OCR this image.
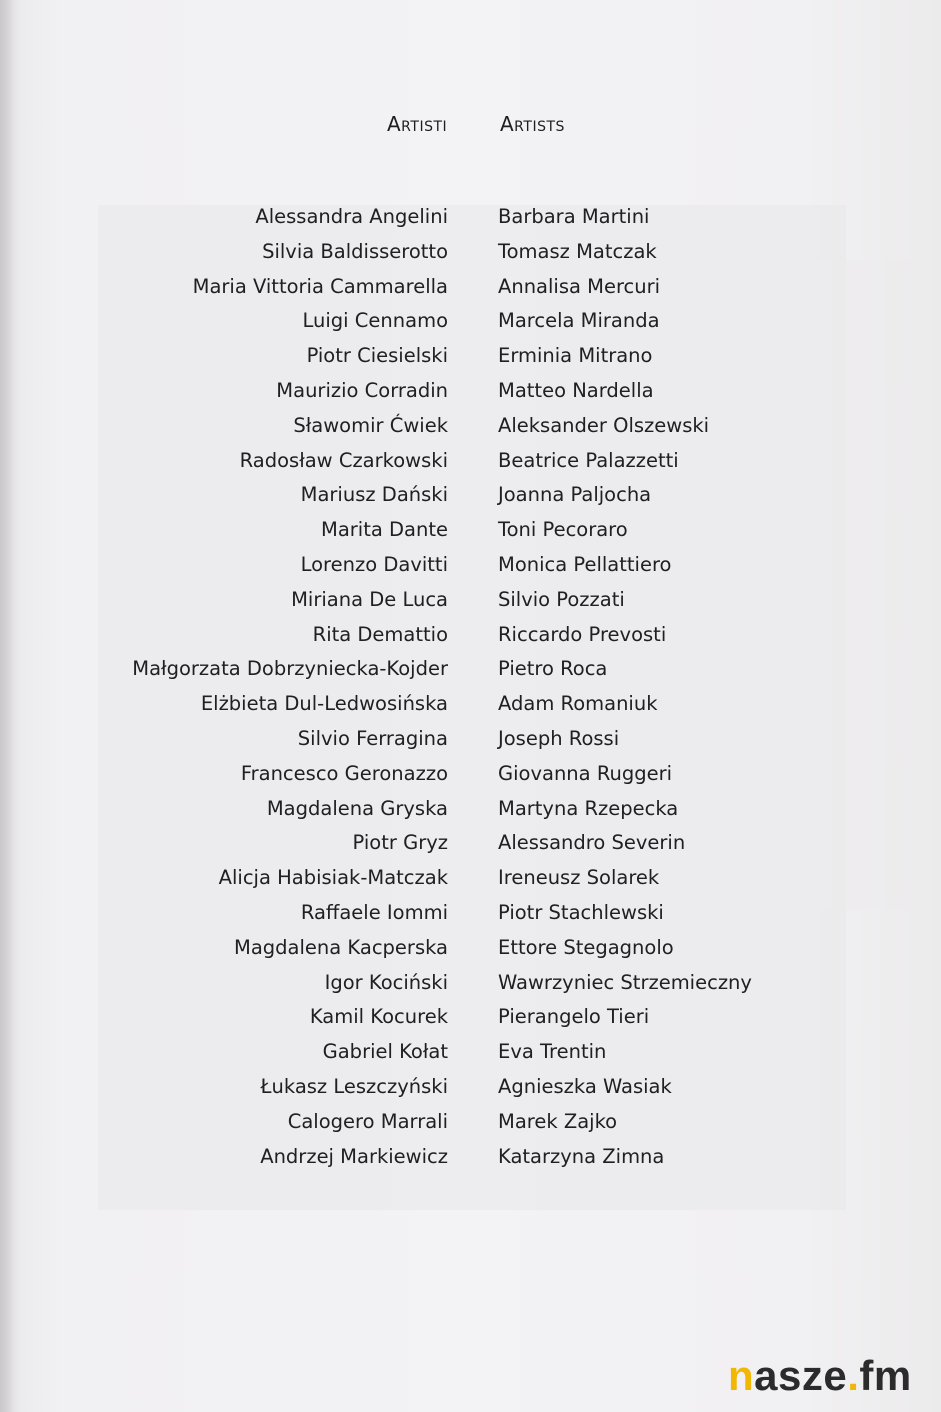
Artisti	Artists
Alessandra Angelini
Silvia Baldisserotto
Maria Vittoria Cammarella
Luigi Cennamo
Piotr Ciesielski
Maurizio Corradin
Sławomir Ćwiek
Radosław Czarkowski
Mariusz Dański
Marita Dante
Lorenzo Davitti
Miriana De Luca
Rita Demattio
Małgorzata Dobrzyniecka-Kojder
Elżbieta Dul-Ledwosińska
Silvio Ferragina
Francesco Geronazzo
Magdalena Gryska
Piotr Gryz
Alicja Habisiak-Matczak
Raffaele Iommi
Magdalena Kacperska
Igor Kociński
Kamil Kocurek
Gabriel Kołat
Łukasz Leszczyński
Calogero Marrali
Andrzej Markiewicz
Barbara Martini
Tomasz Matczak
Annalisa Mercuri
Marcela Miranda
Erminia Mitrano
Matteo Nardella
Aleksander Olszewski
Beatrice Palazzetti
Joanna Paljocha
Toni Pecoraro
Monica Pellattiero
Silvio Pozzati
Riccardo Prevosti
Pietro Roca
Adam Romaniuk
Joseph Rossi
Giovanna Ruggeri
Martyna Rzepecka
Alessandro Severin
Ireneusz Solarek
Piotr Stachlewski
Ettore Stegagnolo
Wawrzyniec Strzemieczny
Pierangelo Tieri
Eva Trentin
Agnieszka Wasiak
Marek Zajko
Katarzyna Zimna
nasze.fm
